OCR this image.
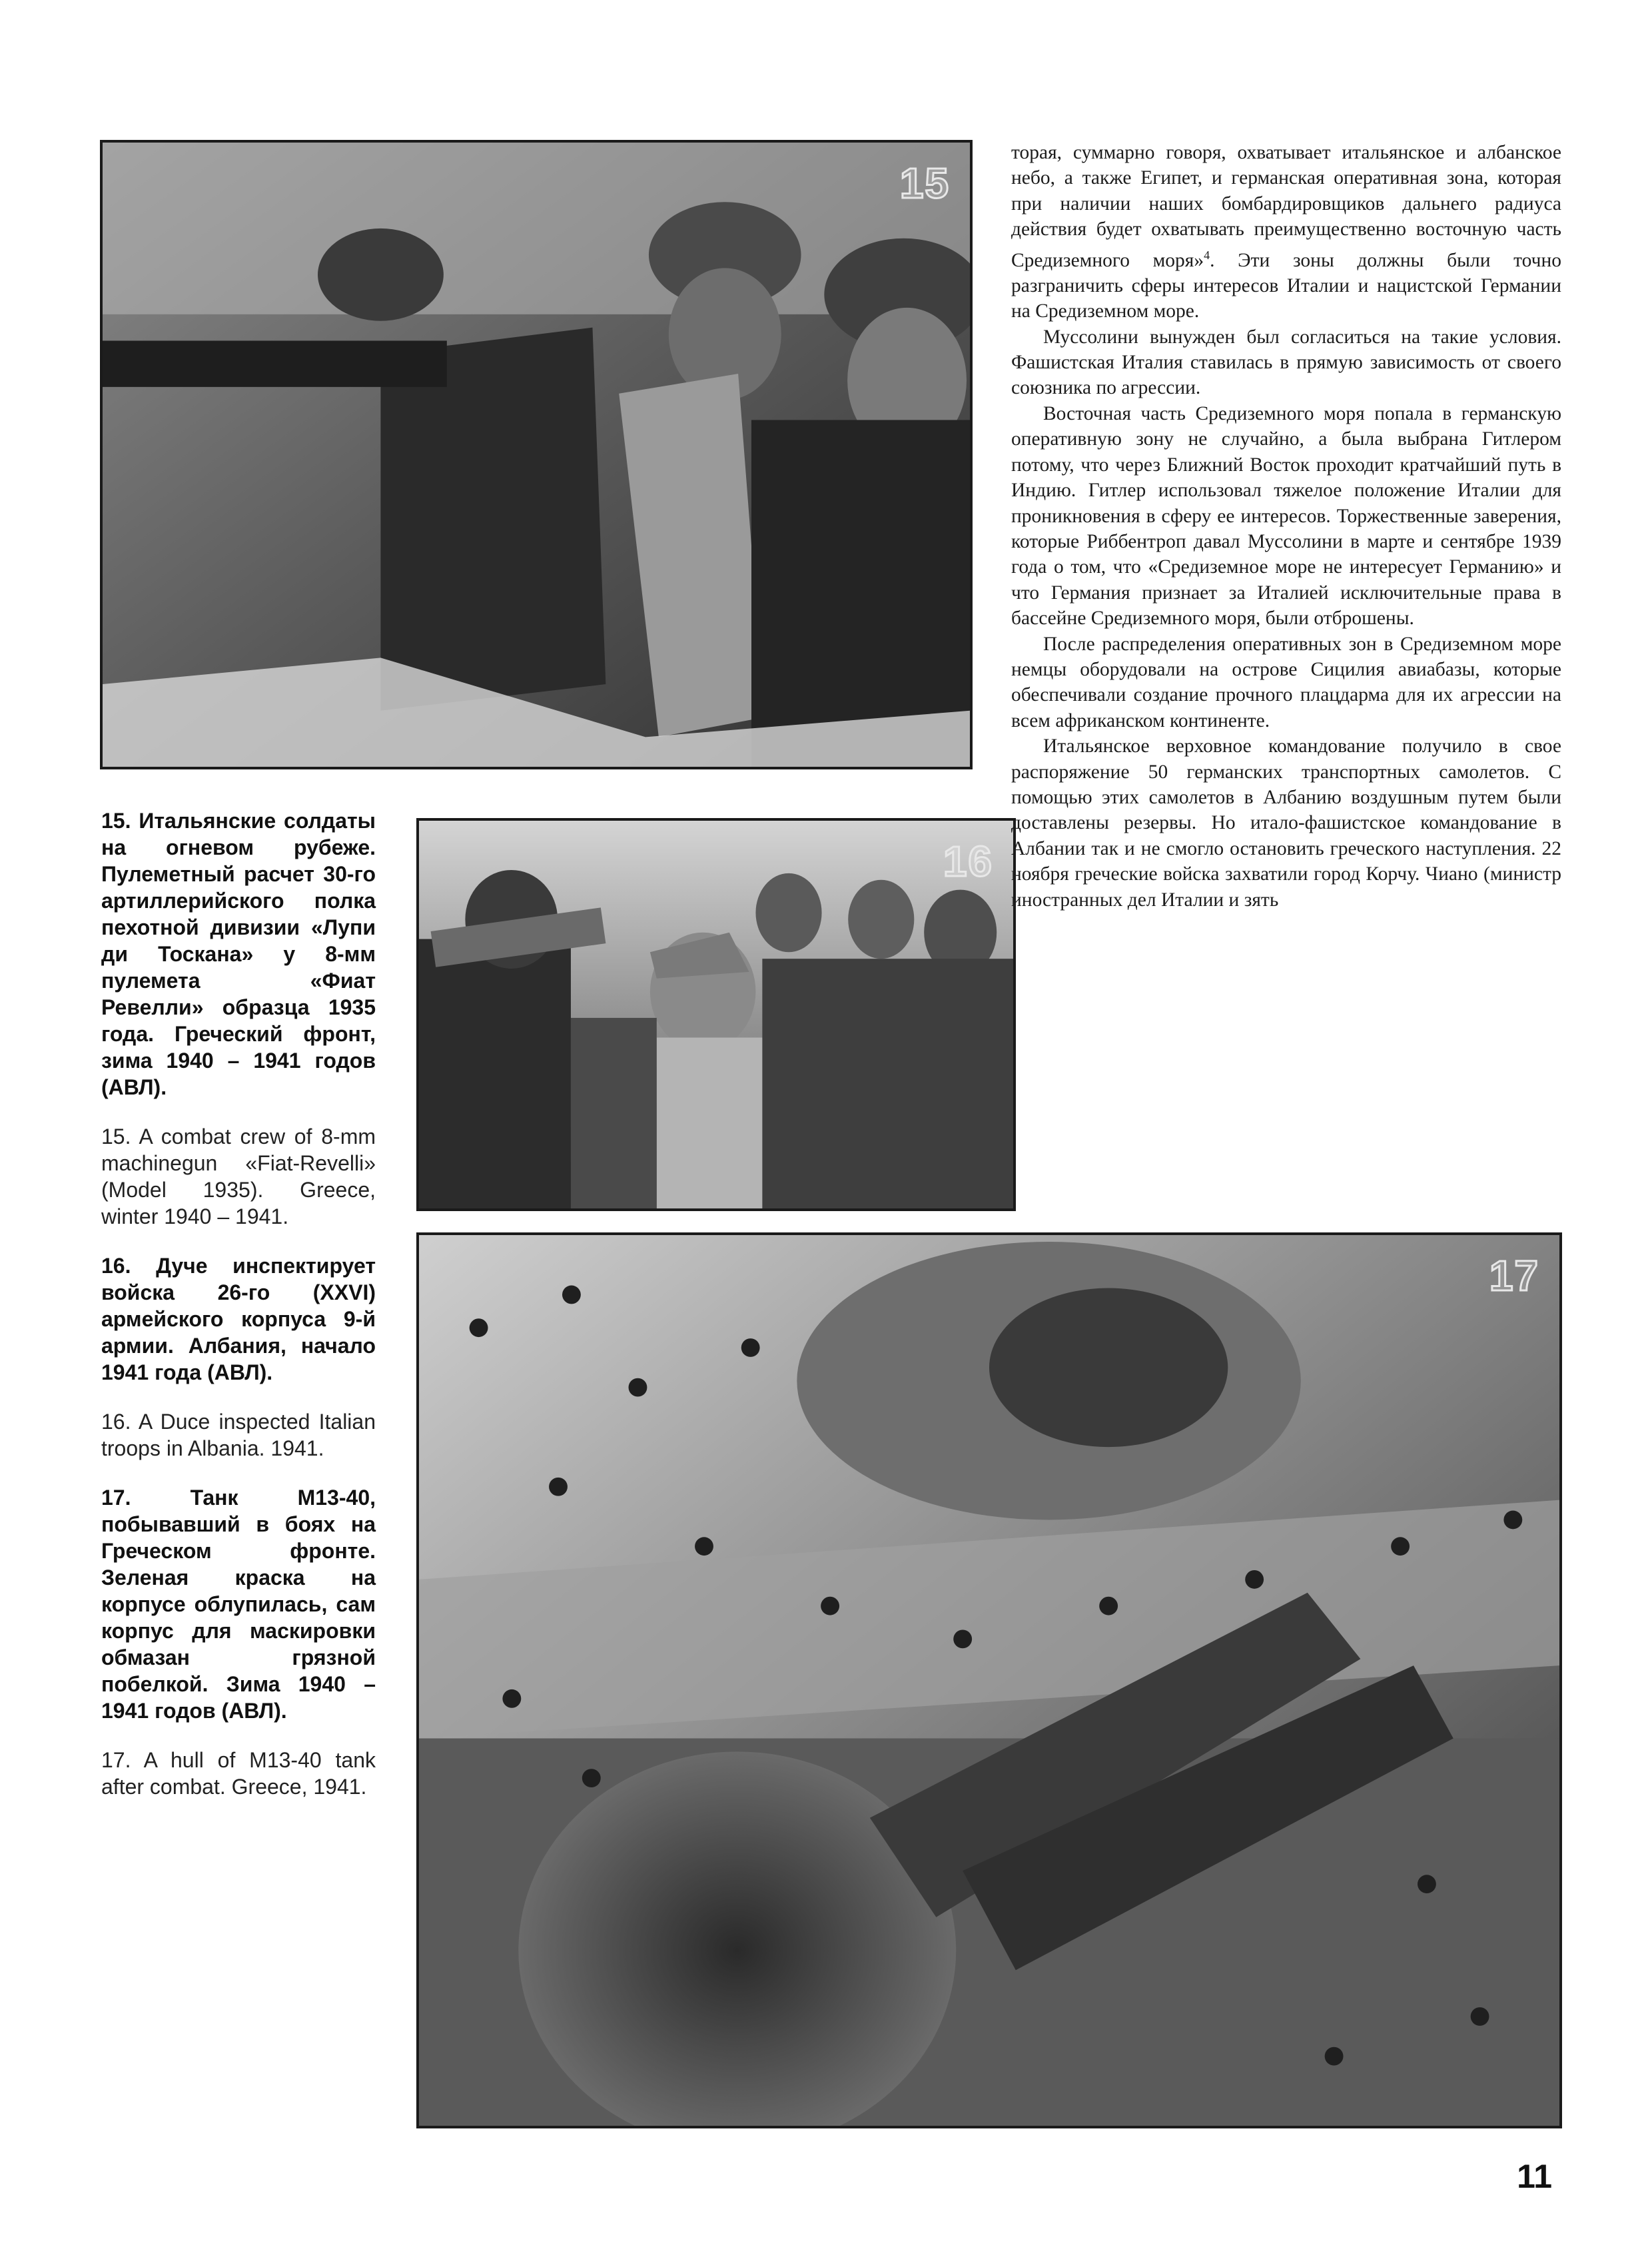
15
16
17

15. Итальянские солдаты на огневом рубеже. Пулеметный расчет 30-го артиллерийского полка пехотной дивизии «Лупи ди Тоскана» у 8-мм пулемета «Фиат Ревелли» образца 1935 года. Греческий фронт, зима 1940 – 1941 годов (АВЛ).

15. A combat crew of 8-mm machinegun «Fiat-Revelli» (Model 1935). Greece, winter 1940 – 1941.

16. Дуче инспектирует войска 26-го (XXVI) армейского корпуса 9-й армии. Албания, начало 1941 года (АВЛ).

16. A Duce inspected Italian troops in Albania. 1941.

17. Танк M13-40, побывавший в боях на Греческом фронте. Зеленая краска на корпусе облупилась, сам корпус для маскировки обмазан грязной побелкой. Зима 1940 – 1941 годов (АВЛ).

17. A hull of M13-40 tank after combat. Greece, 1941.

торая, суммарно говоря, охватывает итальянское и албанское небо, а также Египет, и германская оперативная зона, которая при наличии наших бомбардировщиков дальнего радиуса действия будет охватывать преимущественно восточную часть Средиземного моря»$^4$. Эти зоны должны были точно разграничить сферы интересов Италии и нацистской Германии на Средиземном море.

Муссолини вынужден был согласиться на такие условия. Фашистская Италия ставилась в прямую зависимость от своего союзника по агрессии.

Восточная часть Средиземного моря попала в германскую оперативную зону не случайно, а была выбрана Гитлером потому, что через Ближний Восток проходит кратчайший путь в Индию. Гитлер использовал тяжелое положение Италии для проникновения в сферу ее интересов. Торжественные заверения, которые Риббентроп давал Муссолини в марте и сентябре 1939 года о том, что «Средиземное море не интересует Германию» и что Германия признает за Италией исключительные права в бассейне Средиземного моря, были отброшены.

После распределения оперативных зон в Средиземном море немцы оборудовали на острове Сицилия авиабазы, которые обеспечивали создание прочного плацдарма для их агрессии на всем африканском континенте.

Итальянское верховное командование получило в свое распоряжение 50 германских транспортных самолетов. С помощью этих самолетов в Албанию воздушным путем были доставлены резервы. Но итало-фашистское командование в Албании так и не смогло остановить греческого наступления. 22 ноября греческие войска захватили город Корчу. Чиано (министр иностранных дел Италии и зять

11
